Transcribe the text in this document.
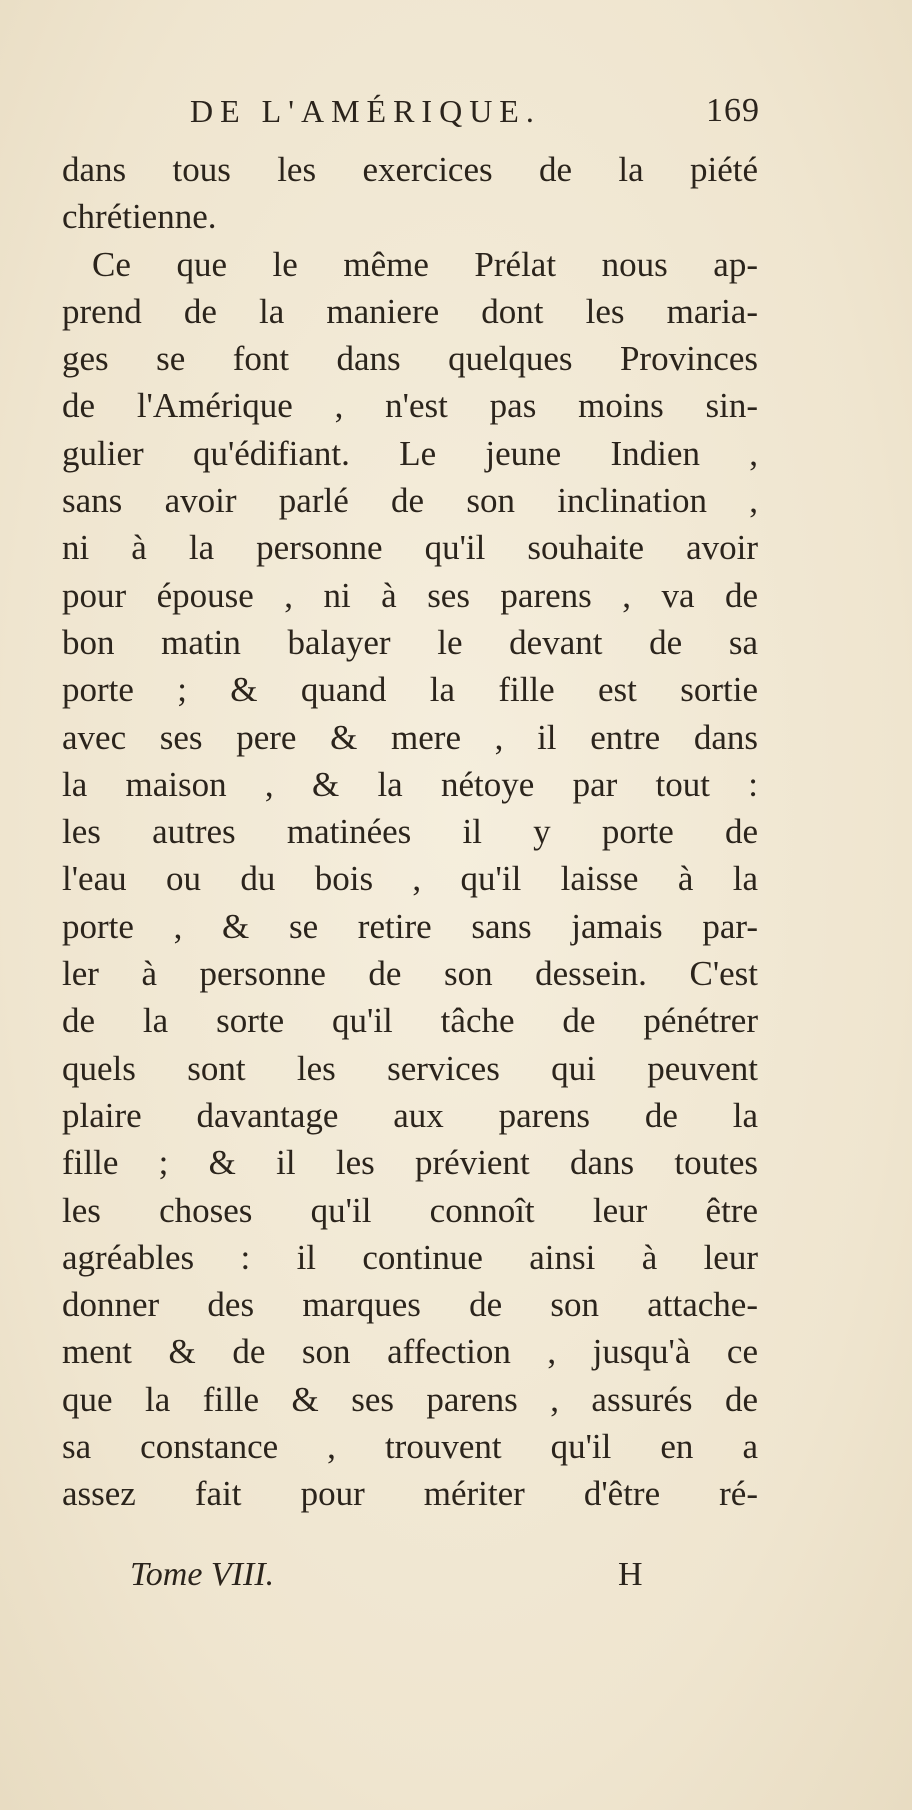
DE L'AMÉRIQUE.	169
dans tous les exercices de la piété
chrétienne.
Ce que le même Prélat nous ap-
prend de la maniere dont les maria-
ges se font dans quelques Provinces
de l'Amérique , n'est pas moins sin-
gulier qu'édifiant. Le jeune Indien ,
sans avoir parlé de son inclination ,
ni à la personne qu'il souhaite avoir
pour épouse , ni à ses parens , va de
bon matin balayer le devant de sa
porte ; & quand la fille est sortie
avec ses pere & mere , il entre dans
la maison , & la nétoye par tout :
les autres matinées il y porte de
l'eau ou du bois , qu'il laisse à la
porte , & se retire sans jamais par-
ler à personne de son dessein. C'est
de la sorte qu'il tâche de pénétrer
quels sont les services qui peuvent
plaire davantage aux parens de la
fille ; & il les prévient dans toutes
les choses qu'il connoît leur être
agréables : il continue ainsi à leur
donner des marques de son attache-
ment & de son affection , jusqu'à ce
que la fille & ses parens , assurés de
sa constance , trouvent qu'il en a
assez fait pour mériter d'être ré-
Tome VIII.	H
